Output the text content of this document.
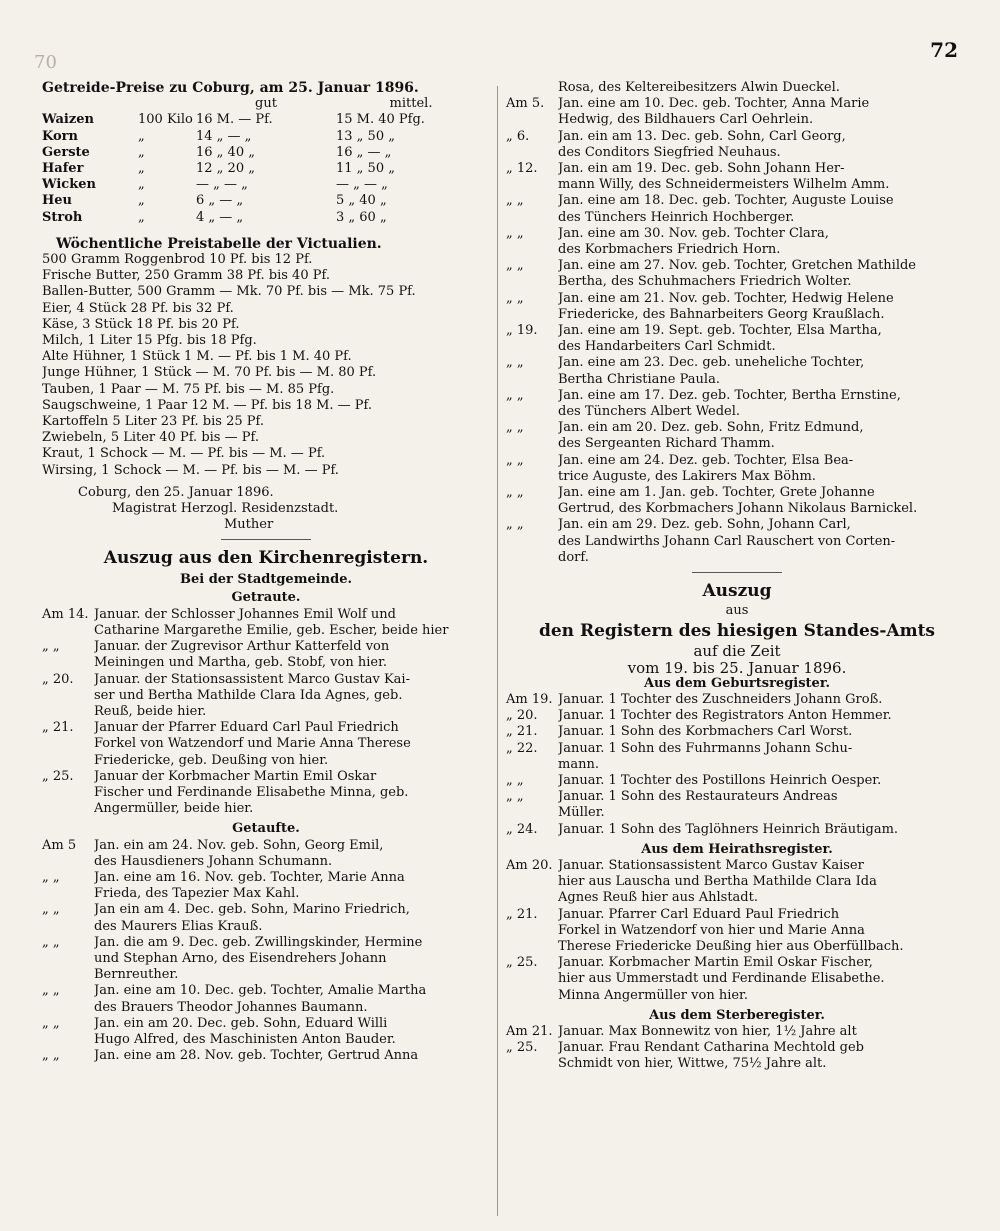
70
72
Getreide-Preise zu Coburg, am 25. Januar 1896.
gut	mittel.
Waizen	100 Kilo 16 M. — Pf.	15 M. 40 Pfg.
Korn	„	14 „ — „	13 „ 50 „
Gerste	„	16 „ 40 „	16 „ — „
Hafer	„	12 „ 20 „	11 „ 50 „
Wicken	„	— „ — „	— „ — „
Heu	„	6 „ — „	5 „ 40 „
Stroh	„	4 „ — „	3 „ 60 „
Wöchentliche Preistabelle der Victualien.
500 Gramm Roggenbrod 10 Pf. bis 12 Pf.
Frische Butter, 250 Gramm 38 Pf. bis 40 Pf.
Ballen-Butter, 500 Gramm — Mk. 70 Pf. bis — Mk. 75 Pf.
Eier, 4 Stück 28 Pf. bis 32 Pf.
Käse, 3 Stück 18 Pf. bis 20 Pf.
Milch, 1 Liter 15 Pfg. bis 18 Pfg.
Alte Hühner, 1 Stück 1 M. — Pf. bis 1 M. 40 Pf.
Junge Hühner, 1 Stück — M. 70 Pf. bis — M. 80 Pf.
Tauben, 1 Paar — M. 75 Pf. bis — M. 85 Pfg.
Saugschweine, 1 Paar 12 M. — Pf. bis 18 M. — Pf.
Kartoffeln 5 Liter 23 Pf. bis 25 Pf.
Zwiebeln, 5 Liter 40 Pf. bis — Pf.
Kraut, 1 Schock — M. — Pf. bis — M. — Pf.
Wirsing, 1 Schock — M. — Pf. bis — M. — Pf.
Coburg, den 25. Januar 1896.
Magistrat Herzogl. Residenzstadt.
Muther
Auszug aus den Kirchenregistern.
Bei der Stadtgemeinde.
Getraute.
Am 14. Januar. der Schlosser Johannes Emil Wolf und
Catharine Margarethe Emilie, geb. Escher, beide hier
„ „	Januar. der Zugrevisor Arthur Katterfeld von
Meiningen und Martha, geb. Stobf, von hier.
„ 20.	Januar. der Stationsassistent Marco Gustav Kai-
ser und Bertha Mathilde Clara Ida Agnes, geb.
Reuß, beide hier.
„ 21.	Januar der Pfarrer Eduard Carl Paul Friedrich
Forkel von Watzendorf und Marie Anna Therese
Friedericke, geb. Deußing von hier.
„ 25.	Januar der Korbmacher Martin Emil Oskar
Fischer und Ferdinande Elisabethe Minna, geb.
Angermüller, beide hier.
Getaufte.
Am 5	Jan. ein am 24. Nov. geb. Sohn, Georg Emil,
des Hausdieners Johann Schumann.
„ „	Jan. eine am 16. Nov. geb. Tochter, Marie Anna
Frieda, des Tapezier Max Kahl.
„ „	Jan ein am 4. Dec. geb. Sohn, Marino Friedrich,
des Maurers Elias Krauß.
„ „	Jan. die am 9. Dec. geb. Zwillingskinder, Hermine
und Stephan Arno, des Eisendrehers Johann
Bernreuther.
„ „	Jan. eine am 10. Dec. geb. Tochter, Amalie Martha
des Brauers Theodor Johannes Baumann.
„ „	Jan. ein am 20. Dec. geb. Sohn, Eduard Willi
Hugo Alfred, des Maschinisten Anton Bauder.
„ „	Jan. eine am 28. Nov. geb. Tochter, Gertrud Anna
Rosa, des Keltereibesitzers Alwin Dueckel.
Am 5.	Jan. eine am 10. Dec. geb. Tochter, Anna Marie
Hedwig, des Bildhauers Carl Oehrlein.
„ 6.	Jan. ein am 13. Dec. geb. Sohn, Carl Georg,
des Conditors Siegfried Neuhaus.
„ 12.	Jan. ein am 19. Dec. geb. Sohn Johann Her-
mann Willy, des Schneidermeisters Wilhelm Amm.
„ „	Jan. eine am 18. Dec. geb. Tochter, Auguste Louise
des Tünchers Heinrich Hochberger.
„ „	Jan. eine am 30. Nov. geb. Tochter Clara,
des Korbmachers Friedrich Horn.
„ „	Jan. eine am 27. Nov. geb. Tochter, Gretchen Mathilde
Bertha, des Schuhmachers Friedrich Wolter.
„ „	Jan. eine am 21. Nov. geb. Tochter, Hedwig Helene
Friedericke, des Bahnarbeiters Georg Kraußlach.
„ 19.	Jan. eine am 19. Sept. geb. Tochter, Elsa Martha,
des Handarbeiters Carl Schmidt.
„ „	Jan. eine am 23. Dec. geb. uneheliche Tochter,
Bertha Christiane Paula.
„ „	Jan. eine am 17. Dez. geb. Tochter, Bertha Ernstine,
des Tünchers Albert Wedel.
„ „	Jan. ein am 20. Dez. geb. Sohn, Fritz Edmund,
des Sergeanten Richard Thamm.
„ „	Jan. eine am 24. Dez. geb. Tochter, Elsa Bea-
trice Auguste, des Lakirers Max Böhm.
„ „	Jan. eine am 1. Jan. geb. Tochter, Grete Johanne
Gertrud, des Korbmachers Johann Nikolaus Barnickel.
„ „	Jan. ein am 29. Dez. geb. Sohn, Johann Carl,
des Landwirths Johann Carl Rauschert von Corten-
dorf.
Auszug
aus
den Registern des hiesigen Standes-Amts
auf die Zeit
vom 19. bis 25. Januar 1896.
Aus dem Geburtsregister.
Am 19. Januar. 1 Tochter des Zuschneiders Johann Groß.
„ 20.	Januar. 1 Tochter des Registrators Anton Hemmer.
„ 21.	Januar. 1 Sohn des Korbmachers Carl Worst.
„ 22.	Januar. 1 Sohn des Fuhrmanns Johann Schu-
mann.
„ „	Januar. 1 Tochter des Postillons Heinrich Oesper.
„ „	Januar. 1 Sohn des Restaurateurs Andreas
Müller.
„ 24.	Januar. 1 Sohn des Taglöhners Heinrich Bräutigam.
Aus dem Heirathsregister.
Am 20. Januar. Stationsassistent Marco Gustav Kaiser
hier aus Lauscha und Bertha Mathilde Clara Ida
Agnes Reuß hier aus Ahlstadt.
„ 21.	Januar. Pfarrer Carl Eduard Paul Friedrich
Forkel in Watzendorf von hier und Marie Anna
Therese Friedericke Deußing hier aus Oberfüllbach.
„ 25.	Januar. Korbmacher Martin Emil Oskar Fischer,
hier aus Ummerstadt und Ferdinande Elisabethe.
Minna Angermüller von hier.
Aus dem Sterberegister.
Am 21. Januar. Max Bonnewitz von hier, 1½ Jahre alt
„ 25.	Januar. Frau Rendant Catharina Mechtold geb
Schmidt von hier, Wittwe, 75½ Jahre alt.
